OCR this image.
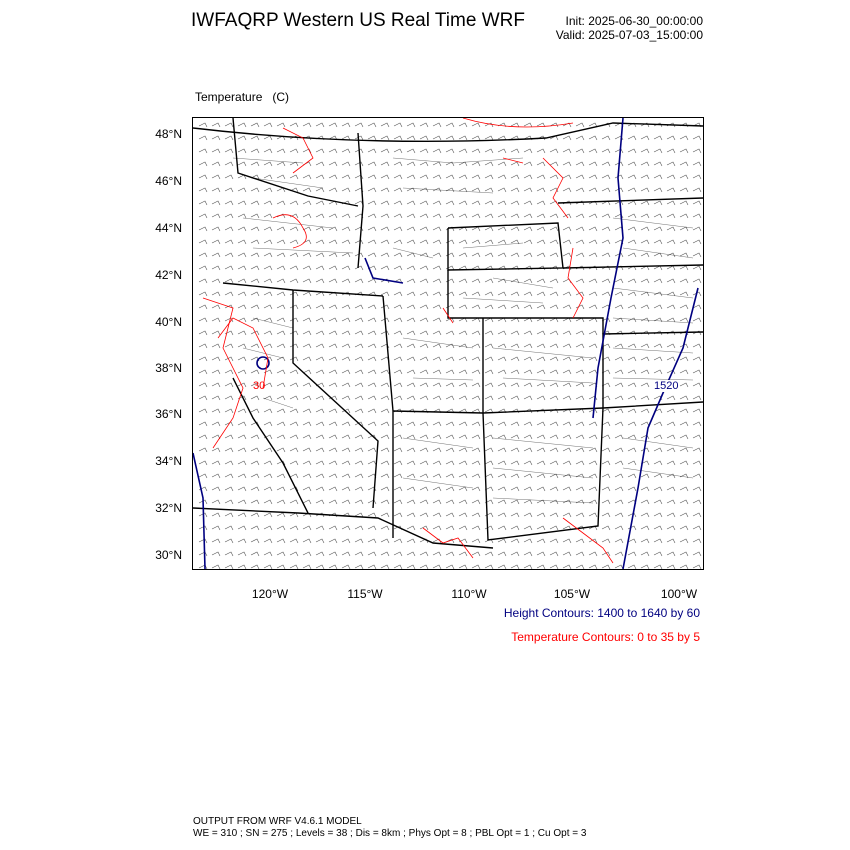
IWFAQRP Western US Real Time WRF	Init: 2025-06-30_00:00:00
Valid: 2025-07-03_15:00:00

Temperature   (C)

48°N
46°N
44°N
42°N
40°N
38°N
36°N
34°N
32°N
30°N
1520
30
120°W	115°W	110°W	105°W	100°W
Height Contours: 1400 to 1640 by 60
Temperature Contours: 0 to 35 by 5
OUTPUT FROM WRF V4.6.1 MODEL
WE = 310 ; SN = 275 ; Levels = 38 ; Dis = 8km ; Phys Opt = 8 ; PBL Opt = 1 ; Cu Opt = 3
